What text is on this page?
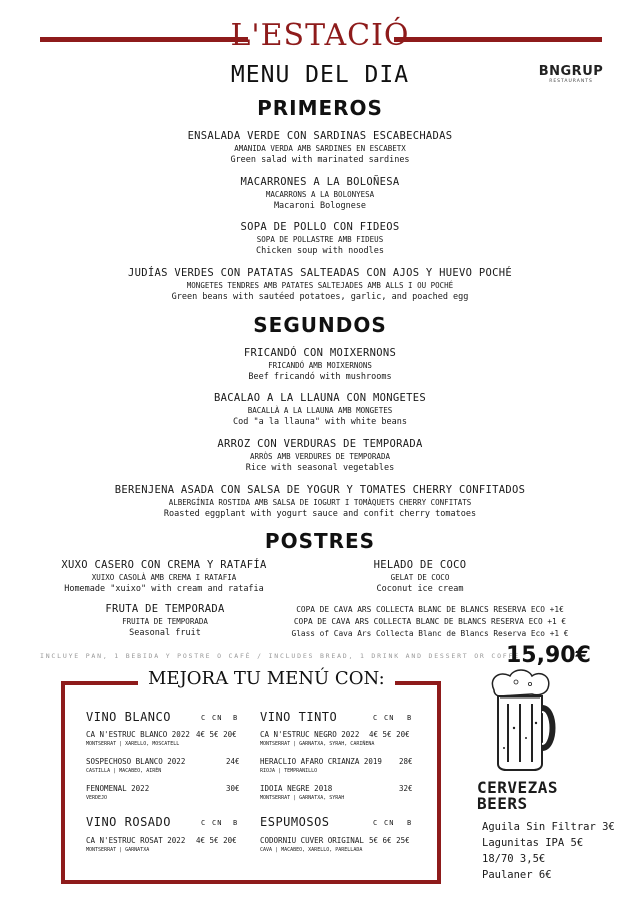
L'ESTACIÓ
BNGRUP
RESTAURANTS
MENU DEL DIA
PRIMEROS
ENSALADA VERDE CON SARDINAS ESCABECHADAS
AMANIDA VERDA AMB SARDINES EN ESCABETX
Green salad with marinated sardines
MACARRONES A LA BOLOÑESA
MACARRONS A LA BOLONYESA
Macaroni Bolognese
SOPA DE POLLO CON FIDEOS
SOPA DE POLLASTRE AMB FIDEUS
Chicken soup with noodles
JUDÍAS VERDES CON PATATAS SALTEADAS CON AJOS Y HUEVO POCHÉ
MONGETES TENDRES AMB PATATES SALTEJADES AMB ALLS I OU POCHÉ
Green beans with sautéed potatoes, garlic, and poached egg
SEGUNDOS
FRICANDÓ CON MOIXERNONS
FRICANDÓ AMB MOIXERNONS
Beef fricandó with mushrooms
BACALAO A LA LLAUNA CON MONGETES
BACALLÀ A LA LLAUNA AMB MONGETES
Cod "a la llauna" with white beans
ARROZ CON VERDURAS DE TEMPORADA
ARRÒS AMB VERDURES DE TEMPORADA
Rice with seasonal vegetables
BERENJENA ASADA CON SALSA DE YOGUR Y TOMATES CHERRY CONFITADOS
ALBERGÍNIA ROSTIDA AMB SALSA DE IOGURT I TOMÀQUETS CHERRY CONFITATS
Roasted eggplant with yogurt sauce and confit cherry tomatoes
POSTRES
XUXO CASERO CON CREMA Y RATAFÍA
XUIXO CASOLÀ AMB CREMA I RATAFIA
Homemade "xuixo" with cream and ratafia
HELADO DE COCO
GELAT DE COCO
Coconut ice cream
FRUTA DE TEMPORADA
FRUITA DE TEMPORADA
Seasonal fruit
COPA DE CAVA ARS COLLECTA BLANC DE BLANCS RESERVA ECO +1€
COPA DE CAVA ARS COLLECTA BLANC DE BLANCS RESERVA ECO +1 €
Glass of Cava Ars Collecta Blanc de Blancs Reserva Eco +1 €
INCLUYE PAN, 1 BEBIDA Y POSTRE O CAFÉ / INCLUDES BREAD, 1 DRINK AND DESSERT OR COFFE
15,90€
MEJORA TU MENÚ CON:
VINO BLANCO	C CN B
CA N'ESTRUC BLANCO 2022 4€ 5€ 20€
MONTSERRAT | XARELLO, MOSCATELL
SOSPECHOSO BLANCO 2022	24€
CASTILLA | MACABEO, AIRÉN
FENOMENAL 2022	30€
VERDEJO
VINO TINTO	C CN B
CA N'ESTRUC NEGRO 2022 4€ 5€ 20€
MONTSERRAT | GARNATXA, SYRAH, CARIÑENA
HERACLIO AFARO CRIANZA 2019 28€
RIOJA | TEMPRANILLO
IDOIA NEGRE 2018	32€
MONTSERRAT | GARNATXA, SYRAH
VINO ROSADO	C CN B
CA N'ESTRUC ROSAT 2022 4€ 5€ 20€
MONTSERRAT | GARNATXA
ESPUMOSOS	C CN B
CODORNIU CUVER ORIGINAL 5€ 6€ 25€
CAVA | MACABEO, XARELLO, PARELLADA
CERVEZAS
BEERS
Aguila Sin Filtrar 3€
Lagunitas IPA 5€
18/70 3,5€
Paulaner 6€
